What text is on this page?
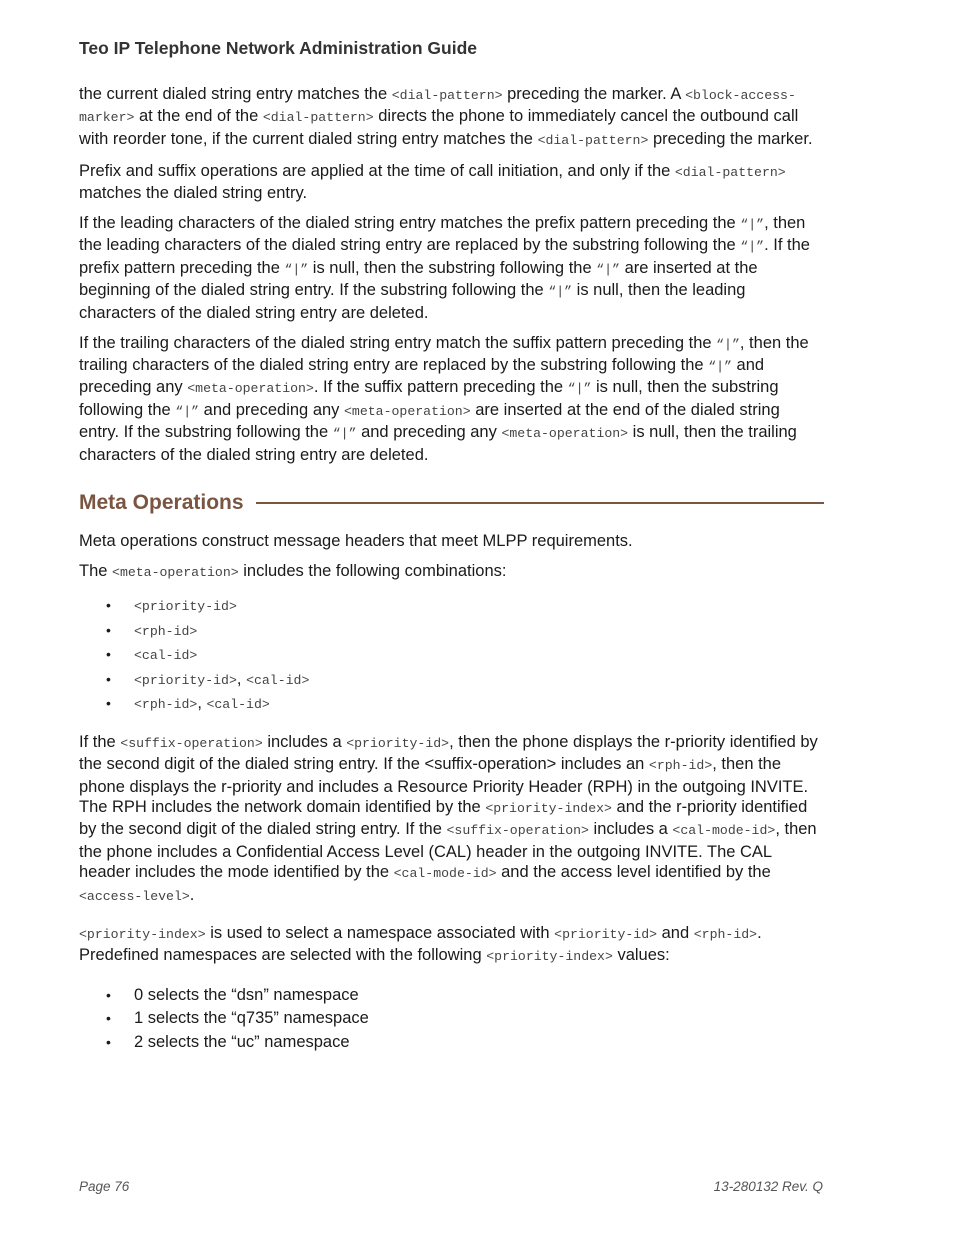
Teo IP Telephone Network Administration Guide

the current dialed string entry matches the <dial-pattern> preceding the marker. A <block-access-marker> at the end of the <dial-pattern> directs the phone to immediately cancel the outbound call with reorder tone, if the current dialed string entry matches the <dial-pattern> preceding the marker.

Prefix and suffix operations are applied at the time of call initiation, and only if the <dial-pattern> matches the dialed string entry.

If the leading characters of the dialed string entry matches the prefix pattern preceding the “|”, then the leading characters of the dialed string entry are replaced by the substring following the “|”. If the prefix pattern preceding the “|” is null, then the substring following the “|” are inserted at the beginning of the dialed string entry. If the substring following the “|” is null, then the leading characters of the dialed string entry are deleted.

If the trailing characters of the dialed string entry match the suffix pattern preceding the “|”, then the trailing characters of the dialed string entry are replaced by the substring following the “|” and preceding any <meta-operation>. If the suffix pattern preceding the “|” is null, then the substring following the “|” and preceding any <meta-operation> are inserted at the end of the dialed string entry. If the substring following the “|” and preceding any <meta-operation> is null, then the trailing characters of the dialed string entry are deleted.

Meta Operations

Meta operations construct message headers that meet MLPP requirements.

The <meta-operation> includes the following combinations:

• <priority-id>
• <rph-id>
• <cal-id>
• <priority-id>, <cal-id>
• <rph-id>, <cal-id>

If the <suffix-operation> includes a <priority-id>, then the phone displays the r-priority identified by the second digit of the dialed string entry. If the <suffix-operation> includes an <rph-id>, then the phone displays the r-priority and includes a Resource Priority Header (RPH) in the outgoing INVITE. The RPH includes the network domain identified by the <priority-index> and the r-priority identified by the second digit of the dialed string entry. If the <suffix-operation> includes a <cal-mode-id>, then the phone includes a Confidential Access Level (CAL) header in the outgoing INVITE. The CAL header includes the mode identified by the <cal-mode-id> and the access level identified by the <access-level>.

<priority-index> is used to select a namespace associated with <priority-id> and <rph-id>. Predefined namespaces are selected with the following <priority-index> values:

• 0 selects the “dsn” namespace
• 1 selects the “q735” namespace
• 2 selects the “uc” namespace
Page 76	13-280132 Rev. Q
